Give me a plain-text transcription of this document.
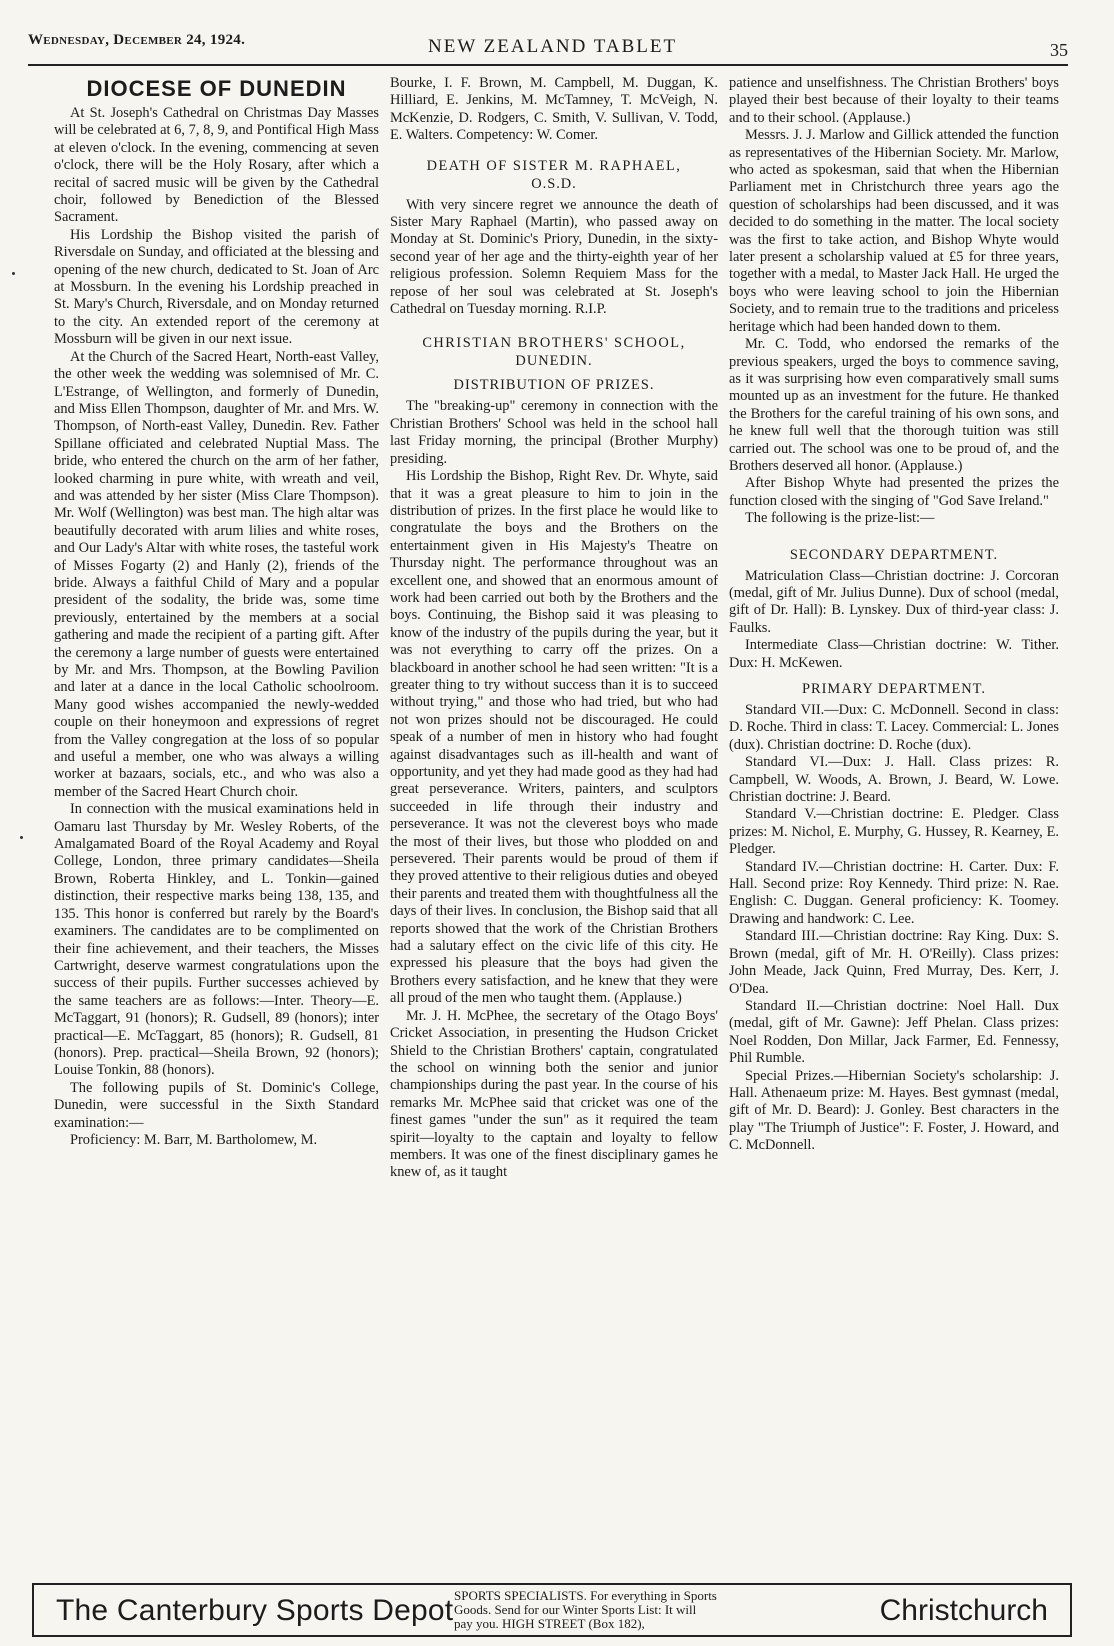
Wednesday, December 24, 1924.	NEW ZEALAND TABLET	35
DIOCESE OF DUNEDIN

At St. Joseph's Cathedral on Christmas Day Masses will be celebrated at 6, 7, 8, 9, and Pontifical High Mass at eleven o'clock. In the evening, commencing at seven o'clock, there will be the Holy Rosary, after which a recital of sacred music will be given by the Cathedral choir, followed by Benediction of the Blessed Sacrament.

His Lordship the Bishop visited the parish of Riversdale on Sunday, and officiated at the blessing and opening of the new church, dedicated to St. Joan of Arc at Mossburn. In the evening his Lordship preached in St. Mary's Church, Riversdale, and on Monday returned to the city. An extended report of the ceremony at Mossburn will be given in our next issue.

At the Church of the Sacred Heart, North-east Valley, the other week the wedding was solemnised of Mr. C. L'Estrange, of Wellington, and formerly of Dunedin, and Miss Ellen Thompson, daughter of Mr. and Mrs. W. Thompson, of North-east Valley, Dunedin. Rev. Father Spillane officiated and celebrated Nuptial Mass. The bride, who entered the church on the arm of her father, looked charming in pure white, with wreath and veil, and was attended by her sister (Miss Clare Thompson). Mr. Wolf (Wellington) was best man. The high altar was beautifully decorated with arum lilies and white roses, and Our Lady's Altar with white roses, the tasteful work of Misses Fogarty (2) and Hanly (2), friends of the bride. Always a faithful Child of Mary and a popular president of the sodality, the bride was, some time previously, entertained by the members at a social gathering and made the recipient of a parting gift. After the ceremony a large number of guests were entertained by Mr. and Mrs. Thompson, at the Bowling Pavilion and later at a dance in the local Catholic schoolroom. Many good wishes accompanied the newly-wedded couple on their honeymoon and expressions of regret from the Valley congregation at the loss of so popular and useful a member, one who was always a willing worker at bazaars, socials, etc., and who was also a member of the Sacred Heart Church choir.

In connection with the musical examinations held in Oamaru last Thursday by Mr. Wesley Roberts, of the Amalgamated Board of the Royal Academy and Royal College, London, three primary candidates—Sheila Brown, Roberta Hinkley, and L. Tonkin—gained distinction, their respective marks being 138, 135, and 135. This honor is conferred but rarely by the Board's examiners. The candidates are to be complimented on their fine achievement, and their teachers, the Misses Cartwright, deserve warmest congratulations upon the success of their pupils. Further successes achieved by the same teachers are as follows:—Inter. Theory—E. McTaggart, 91 (honors); R. Gudsell, 89 (honors); inter practical—E. McTaggart, 85 (honors); R. Gudsell, 81 (honors). Prep. practical—Sheila Brown, 92 (honors); Louise Tonkin, 88 (honors).

The following pupils of St. Dominic's College, Dunedin, were successful in the Sixth Standard examination:—

Proficiency: M. Barr, M. Bartholomew, M.

Bourke, I. F. Brown, M. Campbell, M. Duggan, K. Hilliard, E. Jenkins, M. McTamney, T. McVeigh, N. McKenzie, D. Rodgers, C. Smith, V. Sullivan, V. Todd, E. Walters. Competency: W. Comer.

DEATH OF SISTER M. RAPHAEL,
O.S.D.

With very sincere regret we announce the death of Sister Mary Raphael (Martin), who passed away on Monday at St. Dominic's Priory, Dunedin, in the sixty-second year of her age and the thirty-eighth year of her religious profession. Solemn Requiem Mass for the repose of her soul was celebrated at St. Joseph's Cathedral on Tuesday morning. R.I.P.

CHRISTIAN BROTHERS' SCHOOL,
DUNEDIN.
DISTRIBUTION OF PRIZES.

The "breaking-up" ceremony in connection with the Christian Brothers' School was held in the school hall last Friday morning, the principal (Brother Murphy) presiding.

His Lordship the Bishop, Right Rev. Dr. Whyte, said that it was a great pleasure to him to join in the distribution of prizes. In the first place he would like to congratulate the boys and the Brothers on the entertainment given in His Majesty's Theatre on Thursday night. The performance throughout was an excellent one, and showed that an enormous amount of work had been carried out both by the Brothers and the boys. Continuing, the Bishop said it was pleasing to know of the industry of the pupils during the year, but it was not everything to carry off the prizes. On a blackboard in another school he had seen written: "It is a greater thing to try without success than it is to succeed without trying," and those who had tried, but who had not won prizes should not be discouraged. He could speak of a number of men in history who had fought against disadvantages such as ill-health and want of opportunity, and yet they had made good as they had had great perseverance. Writers, painters, and sculptors succeeded in life through their industry and perseverance. It was not the cleverest boys who made the most of their lives, but those who plodded on and persevered. Their parents would be proud of them if they proved attentive to their religious duties and obeyed their parents and treated them with thoughtfulness all the days of their lives. In conclusion, the Bishop said that all reports showed that the work of the Christian Brothers had a salutary effect on the civic life of this city. He expressed his pleasure that the boys had given the Brothers every satisfaction, and he knew that they were all proud of the men who taught them. (Applause.)

Mr. J. H. McPhee, the secretary of the Otago Boys' Cricket Association, in presenting the Hudson Cricket Shield to the Christian Brothers' captain, congratulated the school on winning both the senior and junior championships during the past year. In the course of his remarks Mr. McPhee said that cricket was one of the finest games "under the sun" as it required the team spirit—loyalty to the captain and loyalty to fellow members. It was one of the finest disciplinary games he knew of, as it taught

patience and unselfishness. The Christian Brothers' boys played their best because of their loyalty to their teams and to their school. (Applause.)

Messrs. J. J. Marlow and Gillick attended the function as representatives of the Hibernian Society. Mr. Marlow, who acted as spokesman, said that when the Hibernian Parliament met in Christchurch three years ago the question of scholarships had been discussed, and it was decided to do something in the matter. The local society was the first to take action, and Bishop Whyte would later present a scholarship valued at £5 for three years, together with a medal, to Master Jack Hall. He urged the boys who were leaving school to join the Hibernian Society, and to remain true to the traditions and priceless heritage which had been handed down to them.

Mr. C. Todd, who endorsed the remarks of the previous speakers, urged the boys to commence saving, as it was surprising how even comparatively small sums mounted up as an investment for the future. He thanked the Brothers for the careful training of his own sons, and he knew full well that the thorough tuition was still carried out. The school was one to be proud of, and the Brothers deserved all honor. (Applause.)

After Bishop Whyte had presented the prizes the function closed with the singing of "God Save Ireland."

The following is the prize-list:—

SECONDARY DEPARTMENT.

Matriculation Class—Christian doctrine: J. Corcoran (medal, gift of Mr. Julius Dunne). Dux of school (medal, gift of Dr. Hall): B. Lynskey. Dux of third-year class: J. Faulks.

Intermediate Class—Christian doctrine: W. Tither. Dux: H. McKewen.

PRIMARY DEPARTMENT.

Standard VII.—Dux: C. McDonnell. Second in class: D. Roche. Third in class: T. Lacey. Commercial: L. Jones (dux). Christian doctrine: D. Roche (dux).

Standard VI.—Dux: J. Hall. Class prizes: R. Campbell, W. Woods, A. Brown, J. Beard, W. Lowe. Christian doctrine: J. Beard.

Standard V.—Christian doctrine: E. Pledger. Class prizes: M. Nichol, E. Murphy, G. Hussey, R. Kearney, E. Pledger.

Standard IV.—Christian doctrine: H. Carter. Dux: F. Hall. Second prize: Roy Kennedy. Third prize: N. Rae. English: C. Duggan. General proficiency: K. Toomey. Drawing and handwork: C. Lee.

Standard III.—Christian doctrine: Ray King. Dux: S. Brown (medal, gift of Mr. H. O'Reilly). Class prizes: John Meade, Jack Quinn, Fred Murray, Des. Kerr, J. O'Dea.

Standard II.—Christian doctrine: Noel Hall. Dux (medal, gift of Mr. Gawne): Jeff Phelan. Class prizes: Noel Rodden, Don Millar, Jack Farmer, Ed. Fennessy, Phil Rumble.

Special Prizes.—Hibernian Society's scholarship: J. Hall. Athenaeum prize: M. Hayes. Best gymnast (medal, gift of Mr. D. Beard): J. Gonley. Best characters in the play "The Triumph of Justice": F. Foster, J. Howard, and C. McDonnell.

The Canterbury Sports Depot SPORTS SPECIALISTS. For everything in Sports
Goods. Send for our Winter Sports List: It will
pay you. HIGH STREET (Box 182),	Christchurch
